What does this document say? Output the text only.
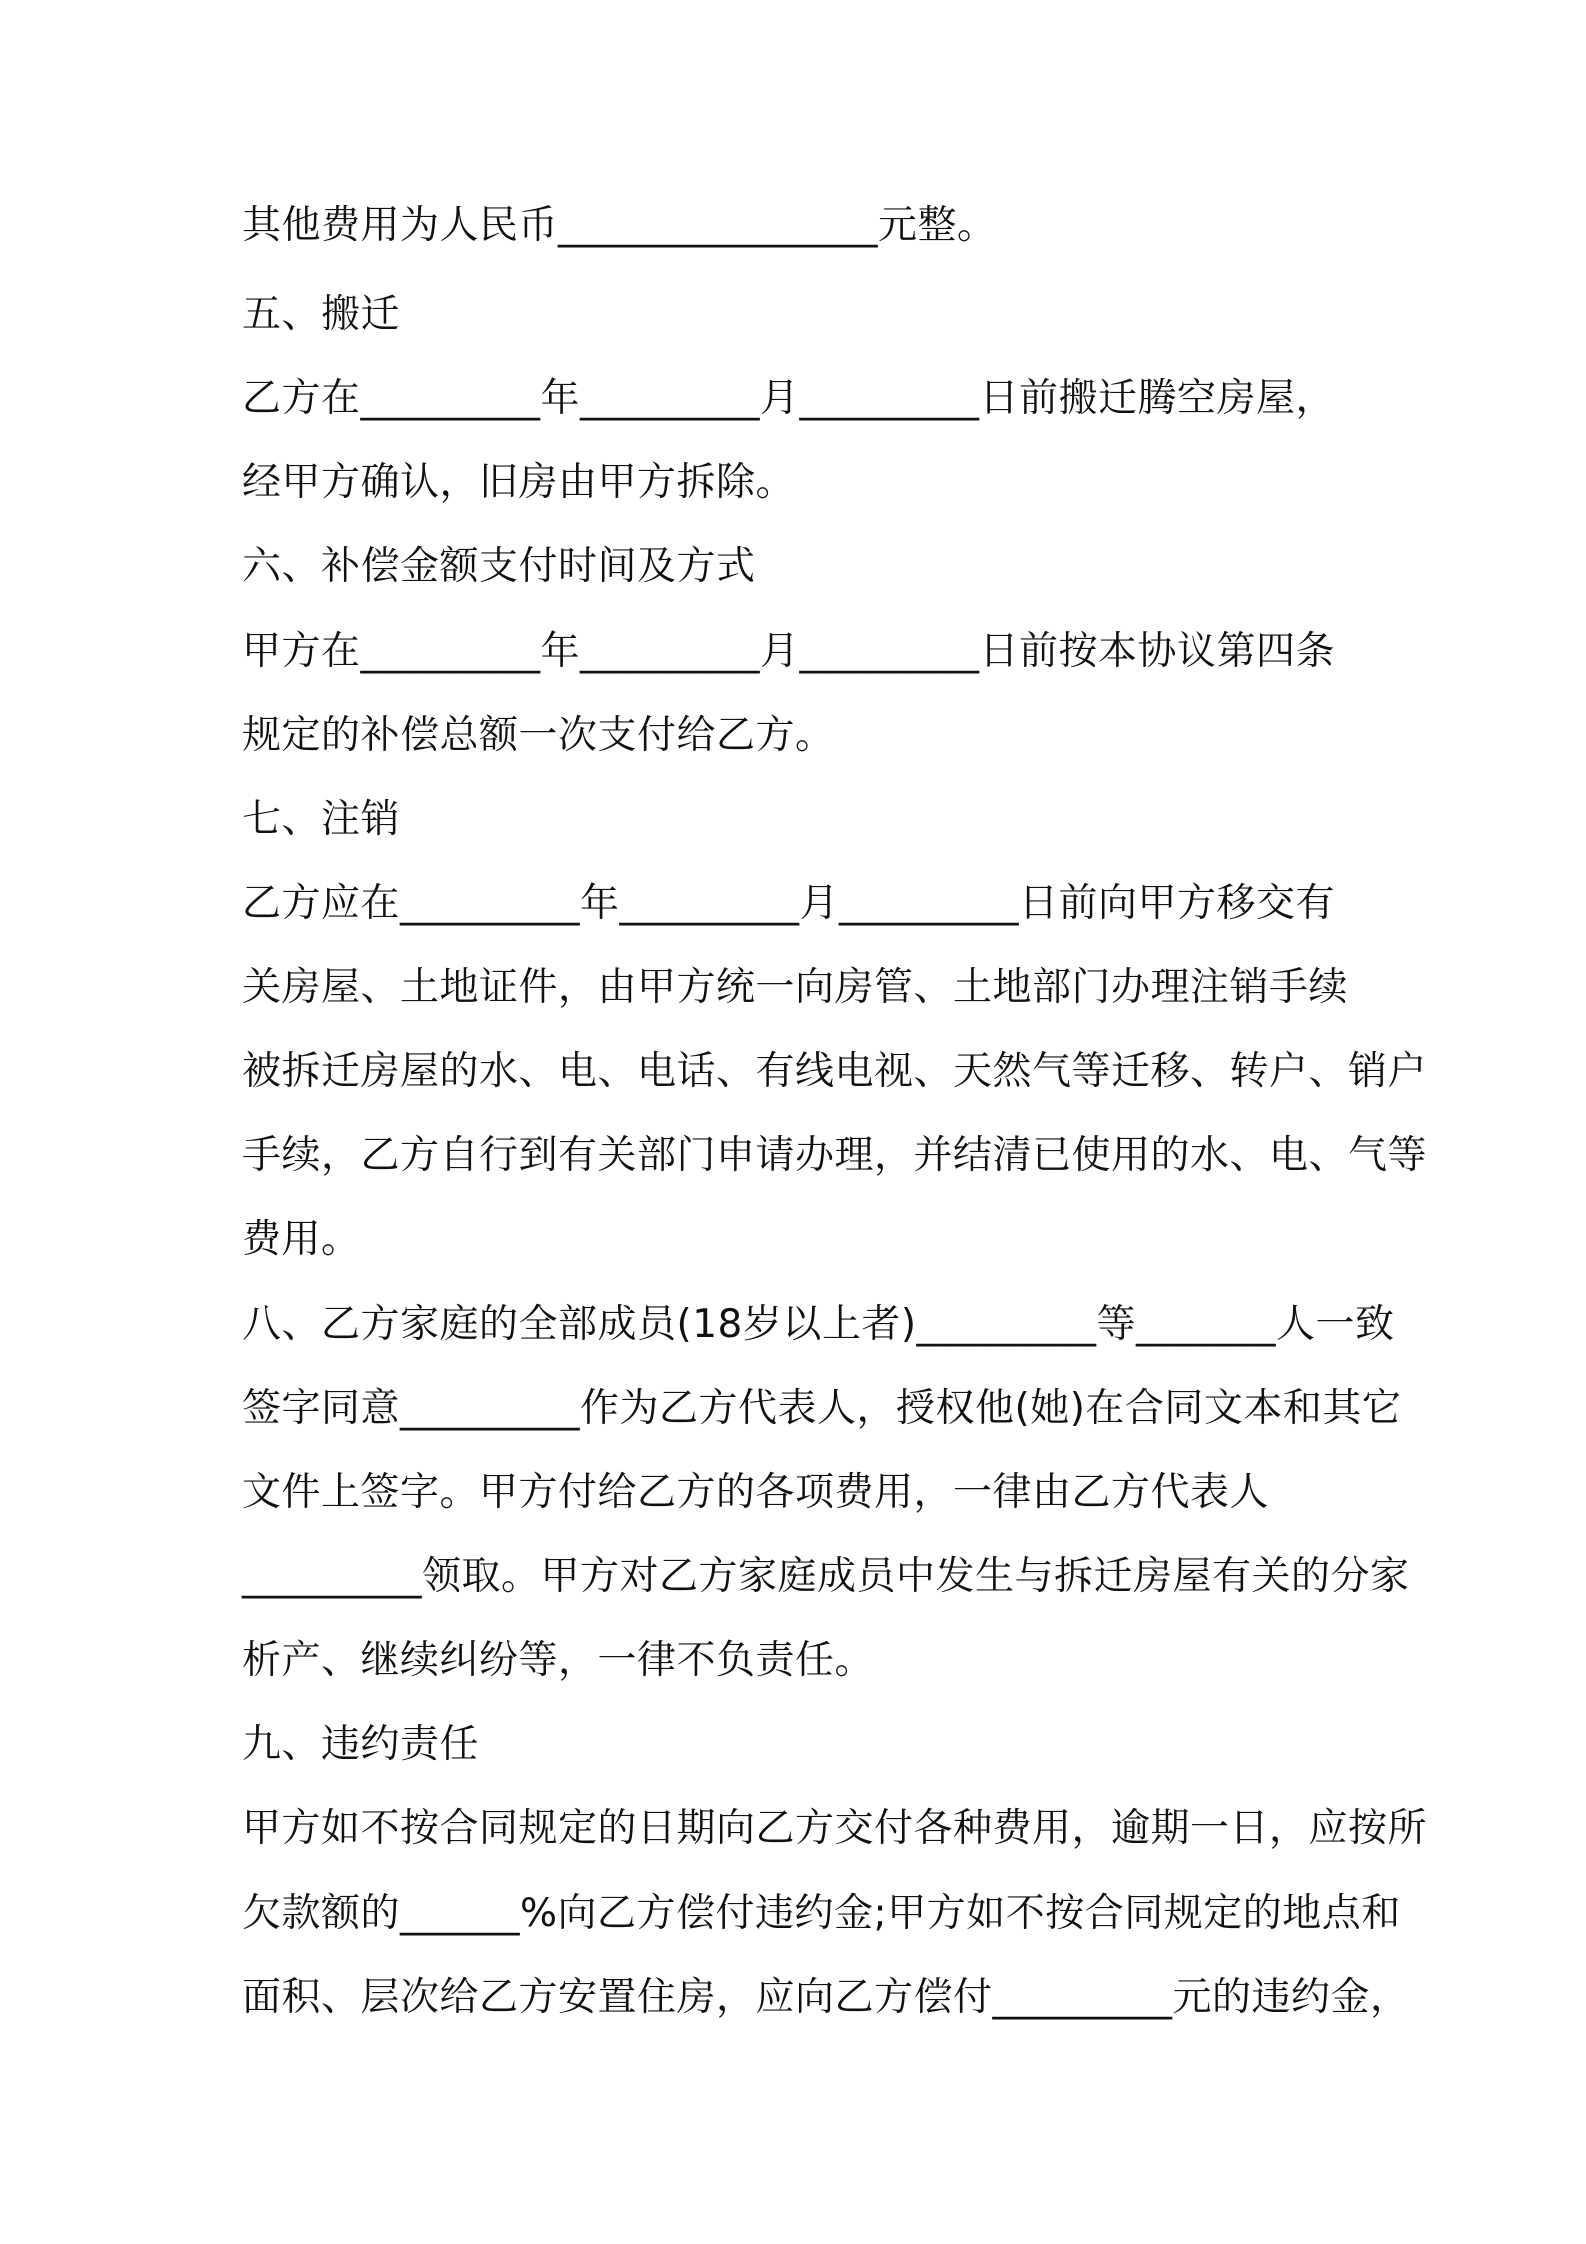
其他费用为人民币________________元整。
五、搬迁
乙方在_________年_________月_________日前搬迁腾空房屋，
经甲方确认，旧房由甲方拆除。
六、补偿金额支付时间及方式
甲方在_________年_________月_________日前按本协议第四条
规定的补偿总额一次支付给乙方。
七、注销
乙方应在_________年_________月_________日前向甲方移交有
关房屋、土地证件，由甲方统一向房管、土地部门办理注销手续
被拆迁房屋的水、电、电话、有线电视、天然气等迁移、转户、销户
手续，乙方自行到有关部门申请办理，并结清已使用的水、电、气等
费用。
八、乙方家庭的全部成员(18岁以上者)_________等_______人一致
签字同意_________作为乙方代表人，授权他(她)在合同文本和其它
文件上签字。甲方付给乙方的各项费用，一律由乙方代表人
_________领取。甲方对乙方家庭成员中发生与拆迁房屋有关的分家
析产、继续纠纷等，一律不负责任。
九、违约责任
甲方如不按合同规定的日期向乙方交付各种费用，逾期一日，应按所
欠款额的______%向乙方偿付违约金;甲方如不按合同规定的地点和
面积、层次给乙方安置住房，应向乙方偿付_________元的违约金，
